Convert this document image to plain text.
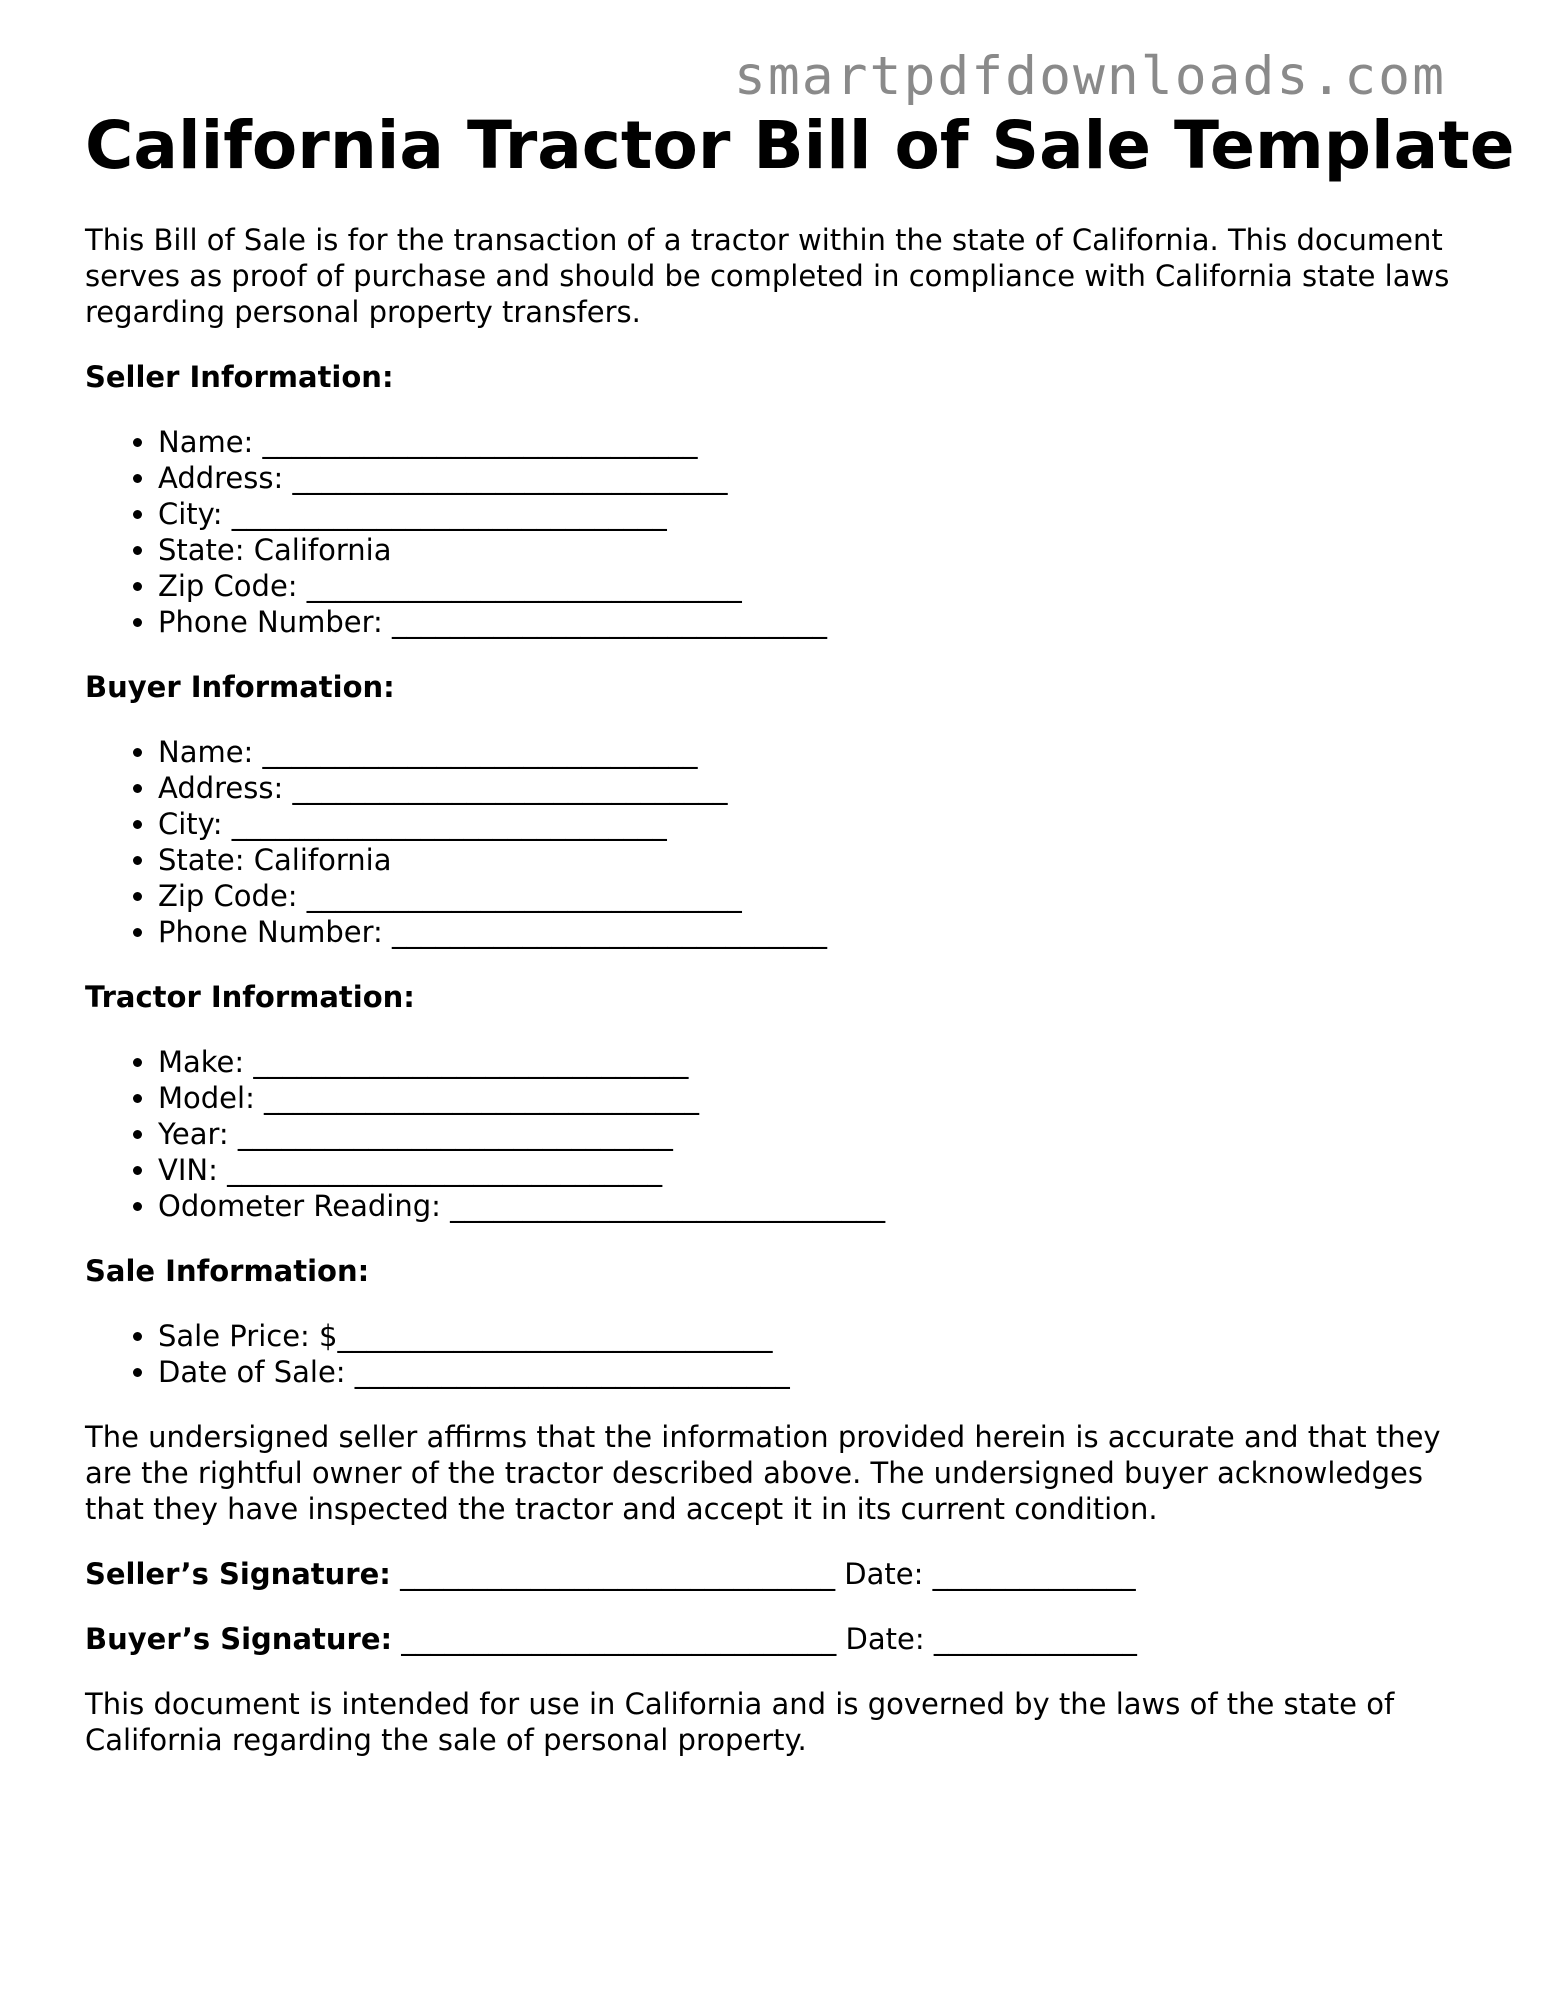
smartpdfdownloads.com
California Tractor Bill of Sale Template

This Bill of Sale is for the transaction of a tractor within the state of California. This document serves as proof of purchase and should be completed in compliance with California state laws regarding personal property transfers.

Seller Information:
• Name: ______________________________
• Address: ______________________________
• City: ______________________________
• State: California
• Zip Code: ______________________________
• Phone Number: ______________________________
Buyer Information:
• Name: ______________________________
• Address: ______________________________
• City: ______________________________
• State: California
• Zip Code: ______________________________
• Phone Number: ______________________________
Tractor Information:
• Make: ______________________________
• Model: ______________________________
• Year: ______________________________
• VIN: ______________________________
• Odometer Reading: ______________________________
Sale Information:
• Sale Price: $______________________________
• Date of Sale: ______________________________

The undersigned seller affirms that the information provided herein is accurate and that they are the rightful owner of the tractor described above. The undersigned buyer acknowledges that they have inspected the tractor and accept it in its current condition.

Seller’s Signature: ______________________________ Date: ______________
Buyer’s Signature: ______________________________ Date: ______________

This document is intended for use in California and is governed by the laws of the state of California regarding the sale of personal property.
